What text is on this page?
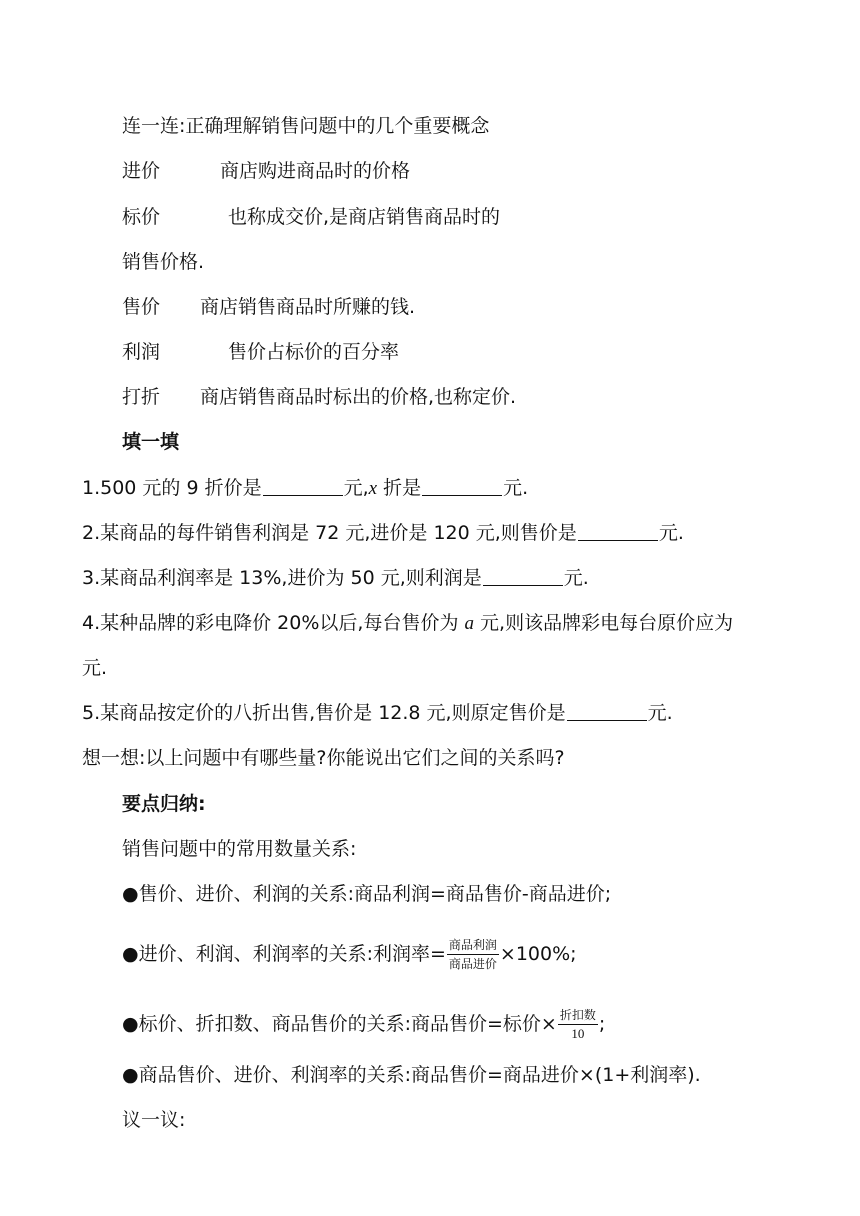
连一连:正确理解销售问题中的几个重要概念
进价	商店购进商品时的价格
标价	也称成交价,是商店销售商品时的
销售价格.
售价 商店销售商品时所赚的钱.
利润	售价占标价的百分率
打折 商店销售商品时标出的价格,也称定价.
填一填
1.500 元的 9 折价是	元,x 折是	元.
2.某商品的每件销售利润是 72 元,进价是 120 元,则售价是	元.
3.某商品利润率是 13%,进价为 50 元,则利润是	元.
4.某种品牌的彩电降价 20%以后,每台售价为 a 元,则该品牌彩电每台原价应为
元.
5.某商品按定价的八折出售,售价是 12.8 元,则原定售价是	元.
想一想:以上问题中有哪些量?你能说出它们之间的关系吗?
要点归纳:
销售问题中的常用数量关系:
●售价、进价、利润的关系:商品利润=商品售价-商品进价;
●进价、利润、利润率的关系:利润率= $\frac{\text{商品利润}}{\text{商品进价}} \times 100\%$;
●标价、折扣数、商品售价的关系:商品售价=标价× $\frac{\text{折扣数}}{10}$ ;
●商品售价、进价、利润率的关系:商品售价=商品进价×(1+利润率).
议一议:
